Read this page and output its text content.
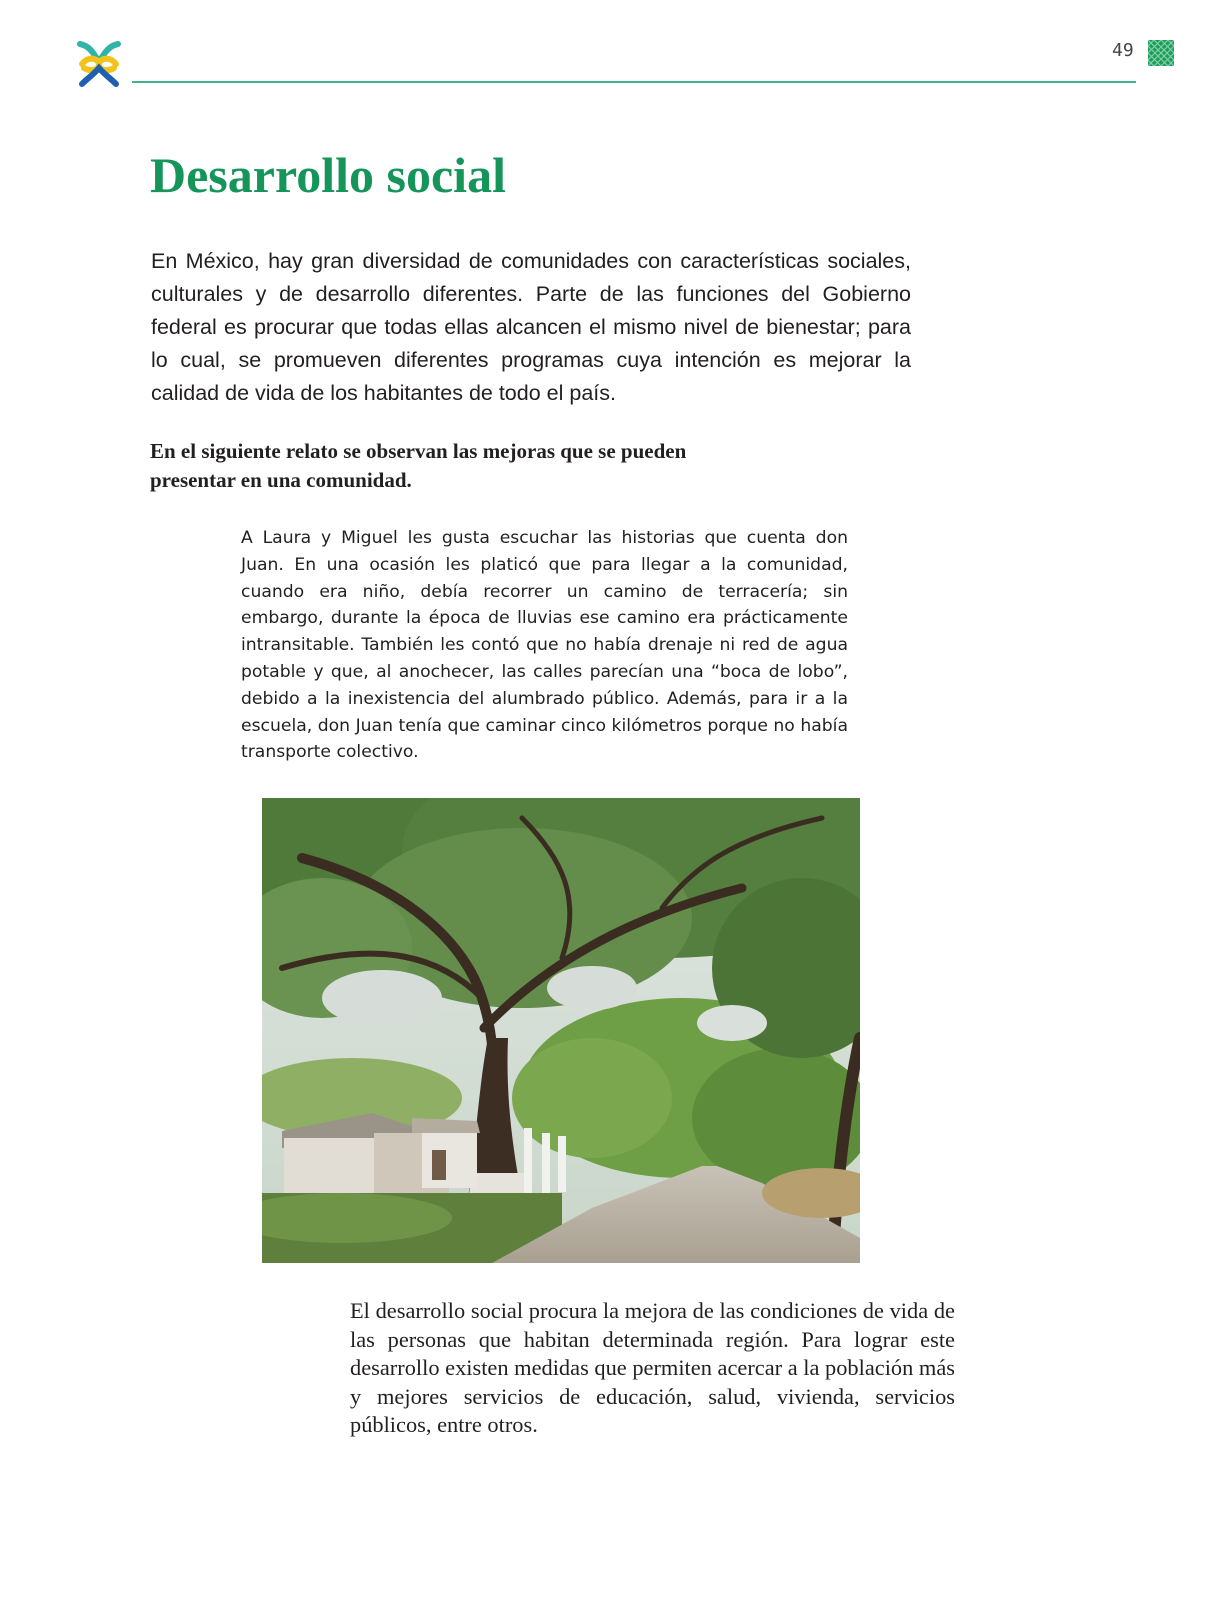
49
Desarrollo social

En México, hay gran diversidad de comunidades con características sociales, culturales y de desarrollo diferentes. Parte de las funciones del Gobierno federal es procurar que todas ellas alcancen el mismo nivel de bienestar; para lo cual, se promueven diferentes programas cuya intención es mejorar la calidad de vida de los habitantes de todo el país.

En el siguiente relato se observan las mejoras que se pueden presentar en una comunidad.

A Laura y Miguel les gusta escuchar las historias que cuenta don Juan. En una ocasión les platicó que para llegar a la comunidad, cuando era niño, debía recorrer un camino de terracería; sin embargo, durante la época de lluvias ese camino era prácticamente intransitable. También les contó que no había drenaje ni red de agua potable y que, al anochecer, las calles parecían una “boca de lobo”, debido a la inexistencia del alumbrado público. Además, para ir a la escuela, don Juan tenía que caminar cinco kilómetros porque no había transporte colectivo.

El desarrollo social procura la mejora de las condiciones de vida de las personas que habitan determinada región. Para lograr este desarrollo existen medidas que permiten acercar a la población más y mejores servicios de educación, salud, vivienda, servicios públicos, entre otros.
